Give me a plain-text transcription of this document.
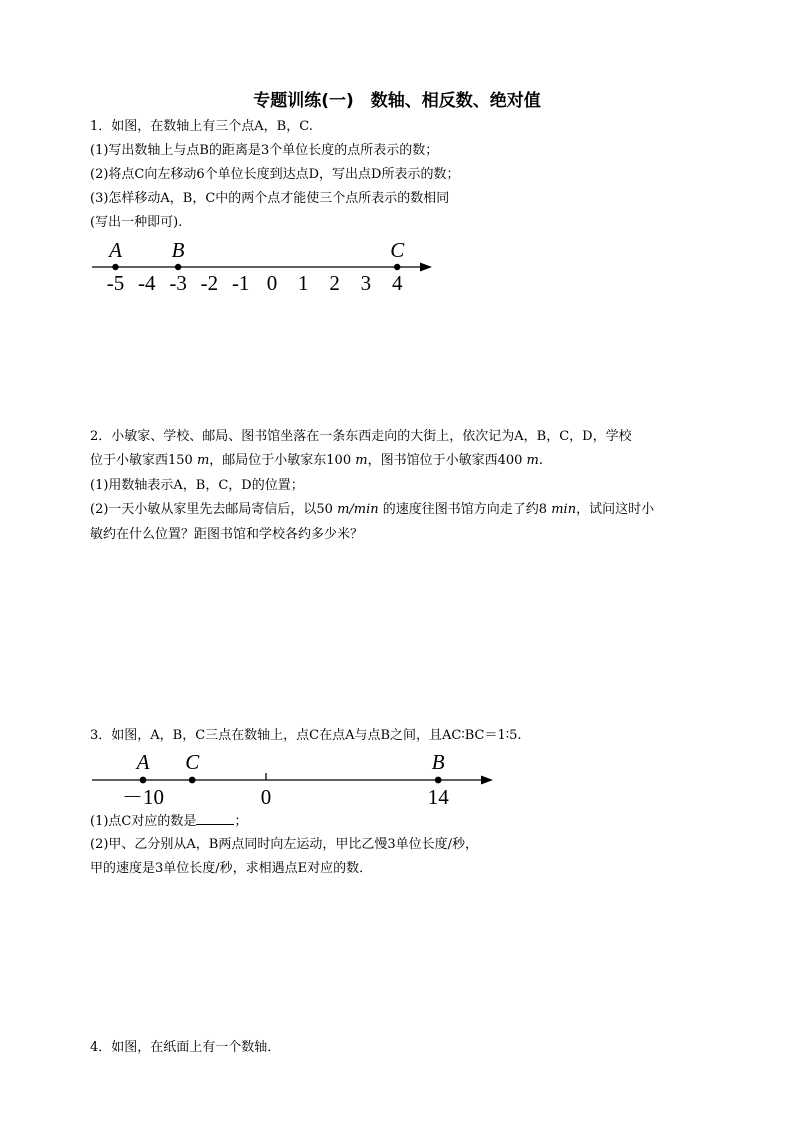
专题训练(一)　数轴、相反数、绝对值
1．如图，在数轴上有三个点A，B，C.
(1)写出数轴上与点B的距离是3个单位长度的点所表示的数；
(2)将点C向左移动6个单位长度到达点D，写出点D所表示的数；
(3)怎样移动A，B，C中的两个点才能使三个点所表示的数相同
(写出一种即可).
-5 -4 -3 -2 -1 0 1 2 3 4
A B	C
－10	0	14
A C	B
2．小敏家、学校、邮局、图书馆坐落在一条东西走向的大街上，依次记为A，B，C，D，学校
位于小敏家西150 m，邮局位于小敏家东100 m，图书馆位于小敏家西400 m.
(1)用数轴表示A，B，C，D的位置；
(2)一天小敏从家里先去邮局寄信后，以50 m/min 的速度往图书馆方向走了约8 min，试问这时小
敏约在什么位置？距图书馆和学校各约多少米？
3．如图，A，B，C三点在数轴上，点C在点A与点B之间，且AC∶BC＝1∶5.
(1)点C对应的数是	；
(2)甲、乙分别从A，B两点同时向左运动，甲比乙慢3单位长度/秒，
甲的速度是3单位长度/秒，求相遇点E对应的数．
4．如图，在纸面上有一个数轴．
